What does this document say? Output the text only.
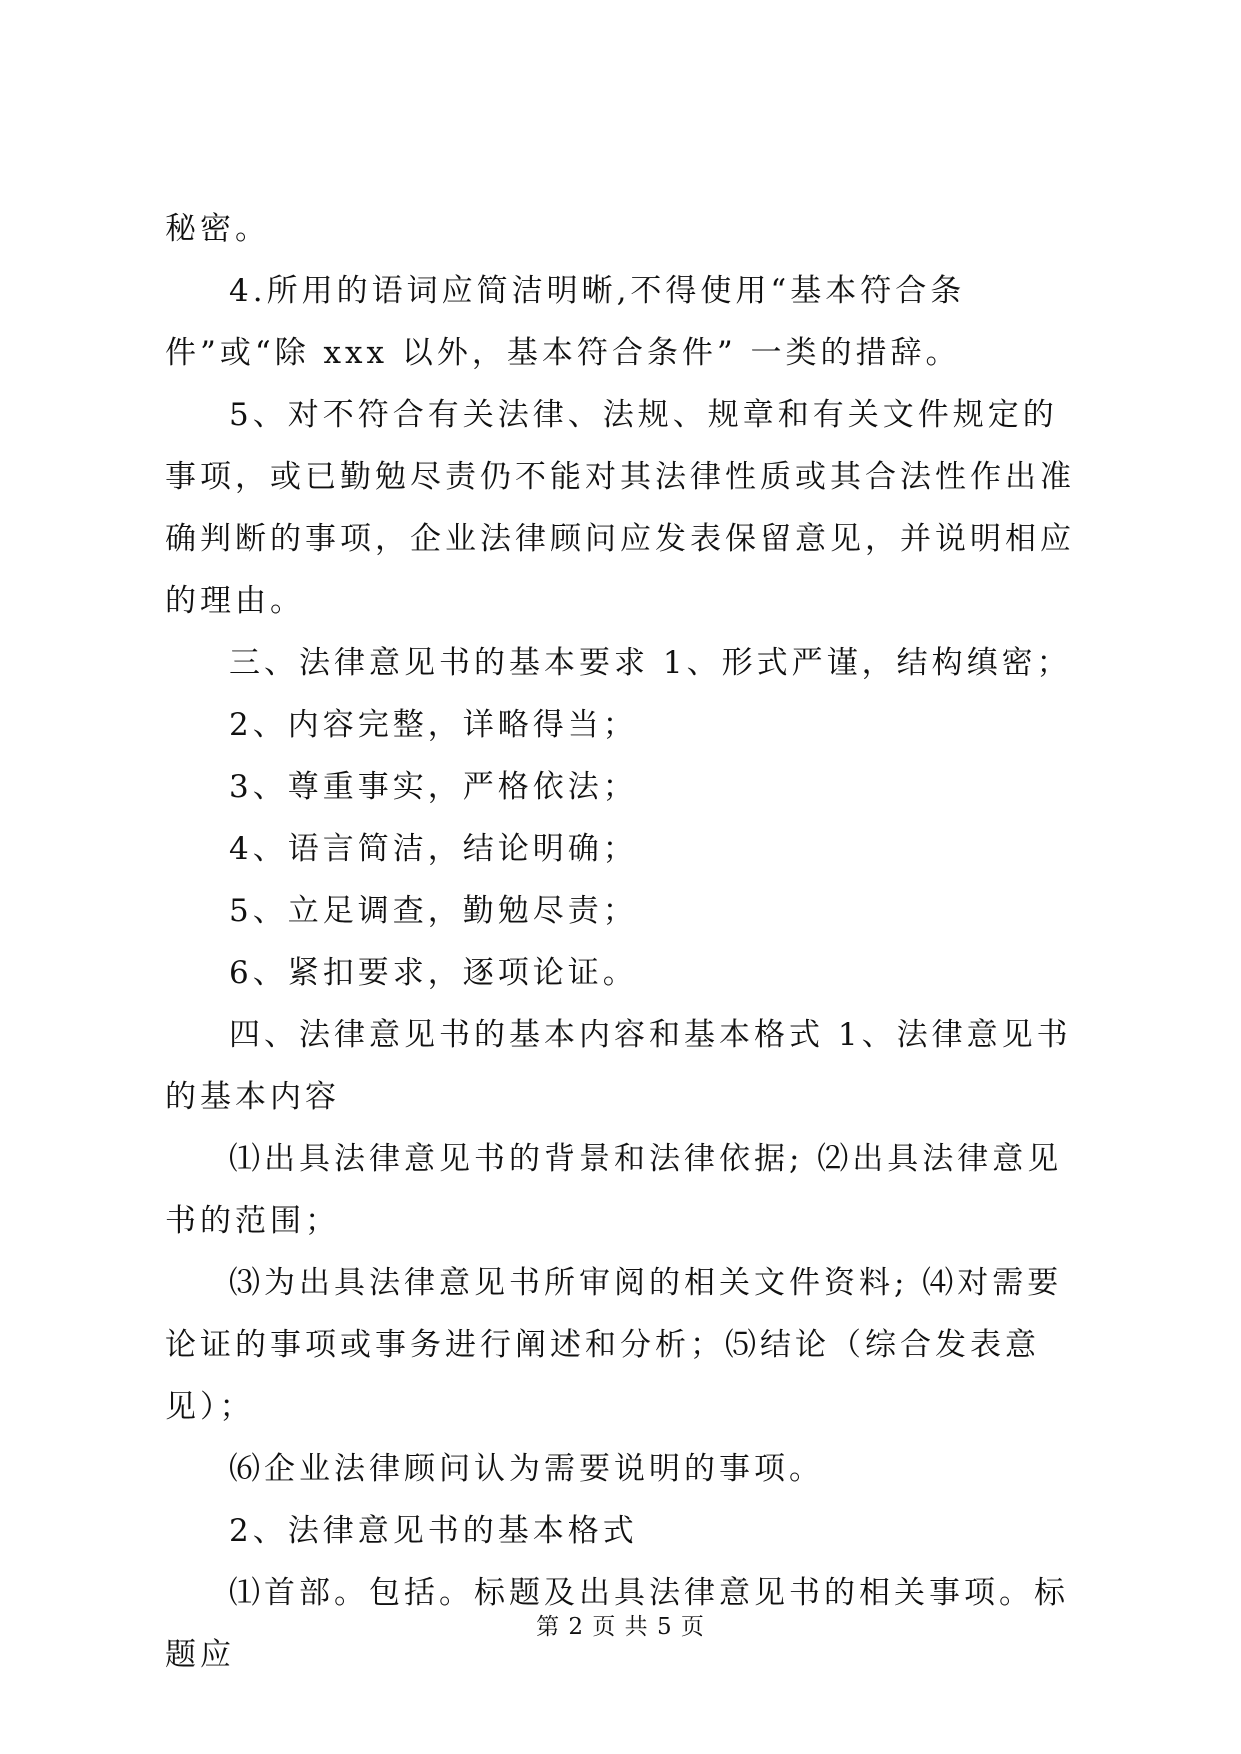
秘密。

4.所用的语词应简洁明晰,不得使用“基本符合条件”或“除 xxx 以外，基本符合条件” 一类的措辞。

5、对不符合有关法律、法规、规章和有关文件规定的事项，或已勤勉尽责仍不能对其法律性质或其合法性作出准确判断的事项，企业法律顾问应发表保留意见，并说明相应的理由。

三、法律意见书的基本要求 1、形式严谨，结构缜密；

2、内容完整，详略得当；

3、尊重事实，严格依法；

4、语言简洁，结论明确；

5、立足调查，勤勉尽责；

6、紧扣要求，逐项论证。

四、法律意见书的基本内容和基本格式 1、法律意见书的基本内容

⑴出具法律意见书的背景和法律依据; ⑵出具法律意见书的范围；

⑶为出具法律意见书所审阅的相关文件资料; ⑷对需要论证的事项或事务进行阐述和分析；⑸结论（综合发表意见）；

⑹企业法律顾问认为需要说明的事项。

2、法律意见书的基本格式

⑴首部。包括。标题及出具法律意见书的相关事项。标题应

第 2 页 共 5 页
